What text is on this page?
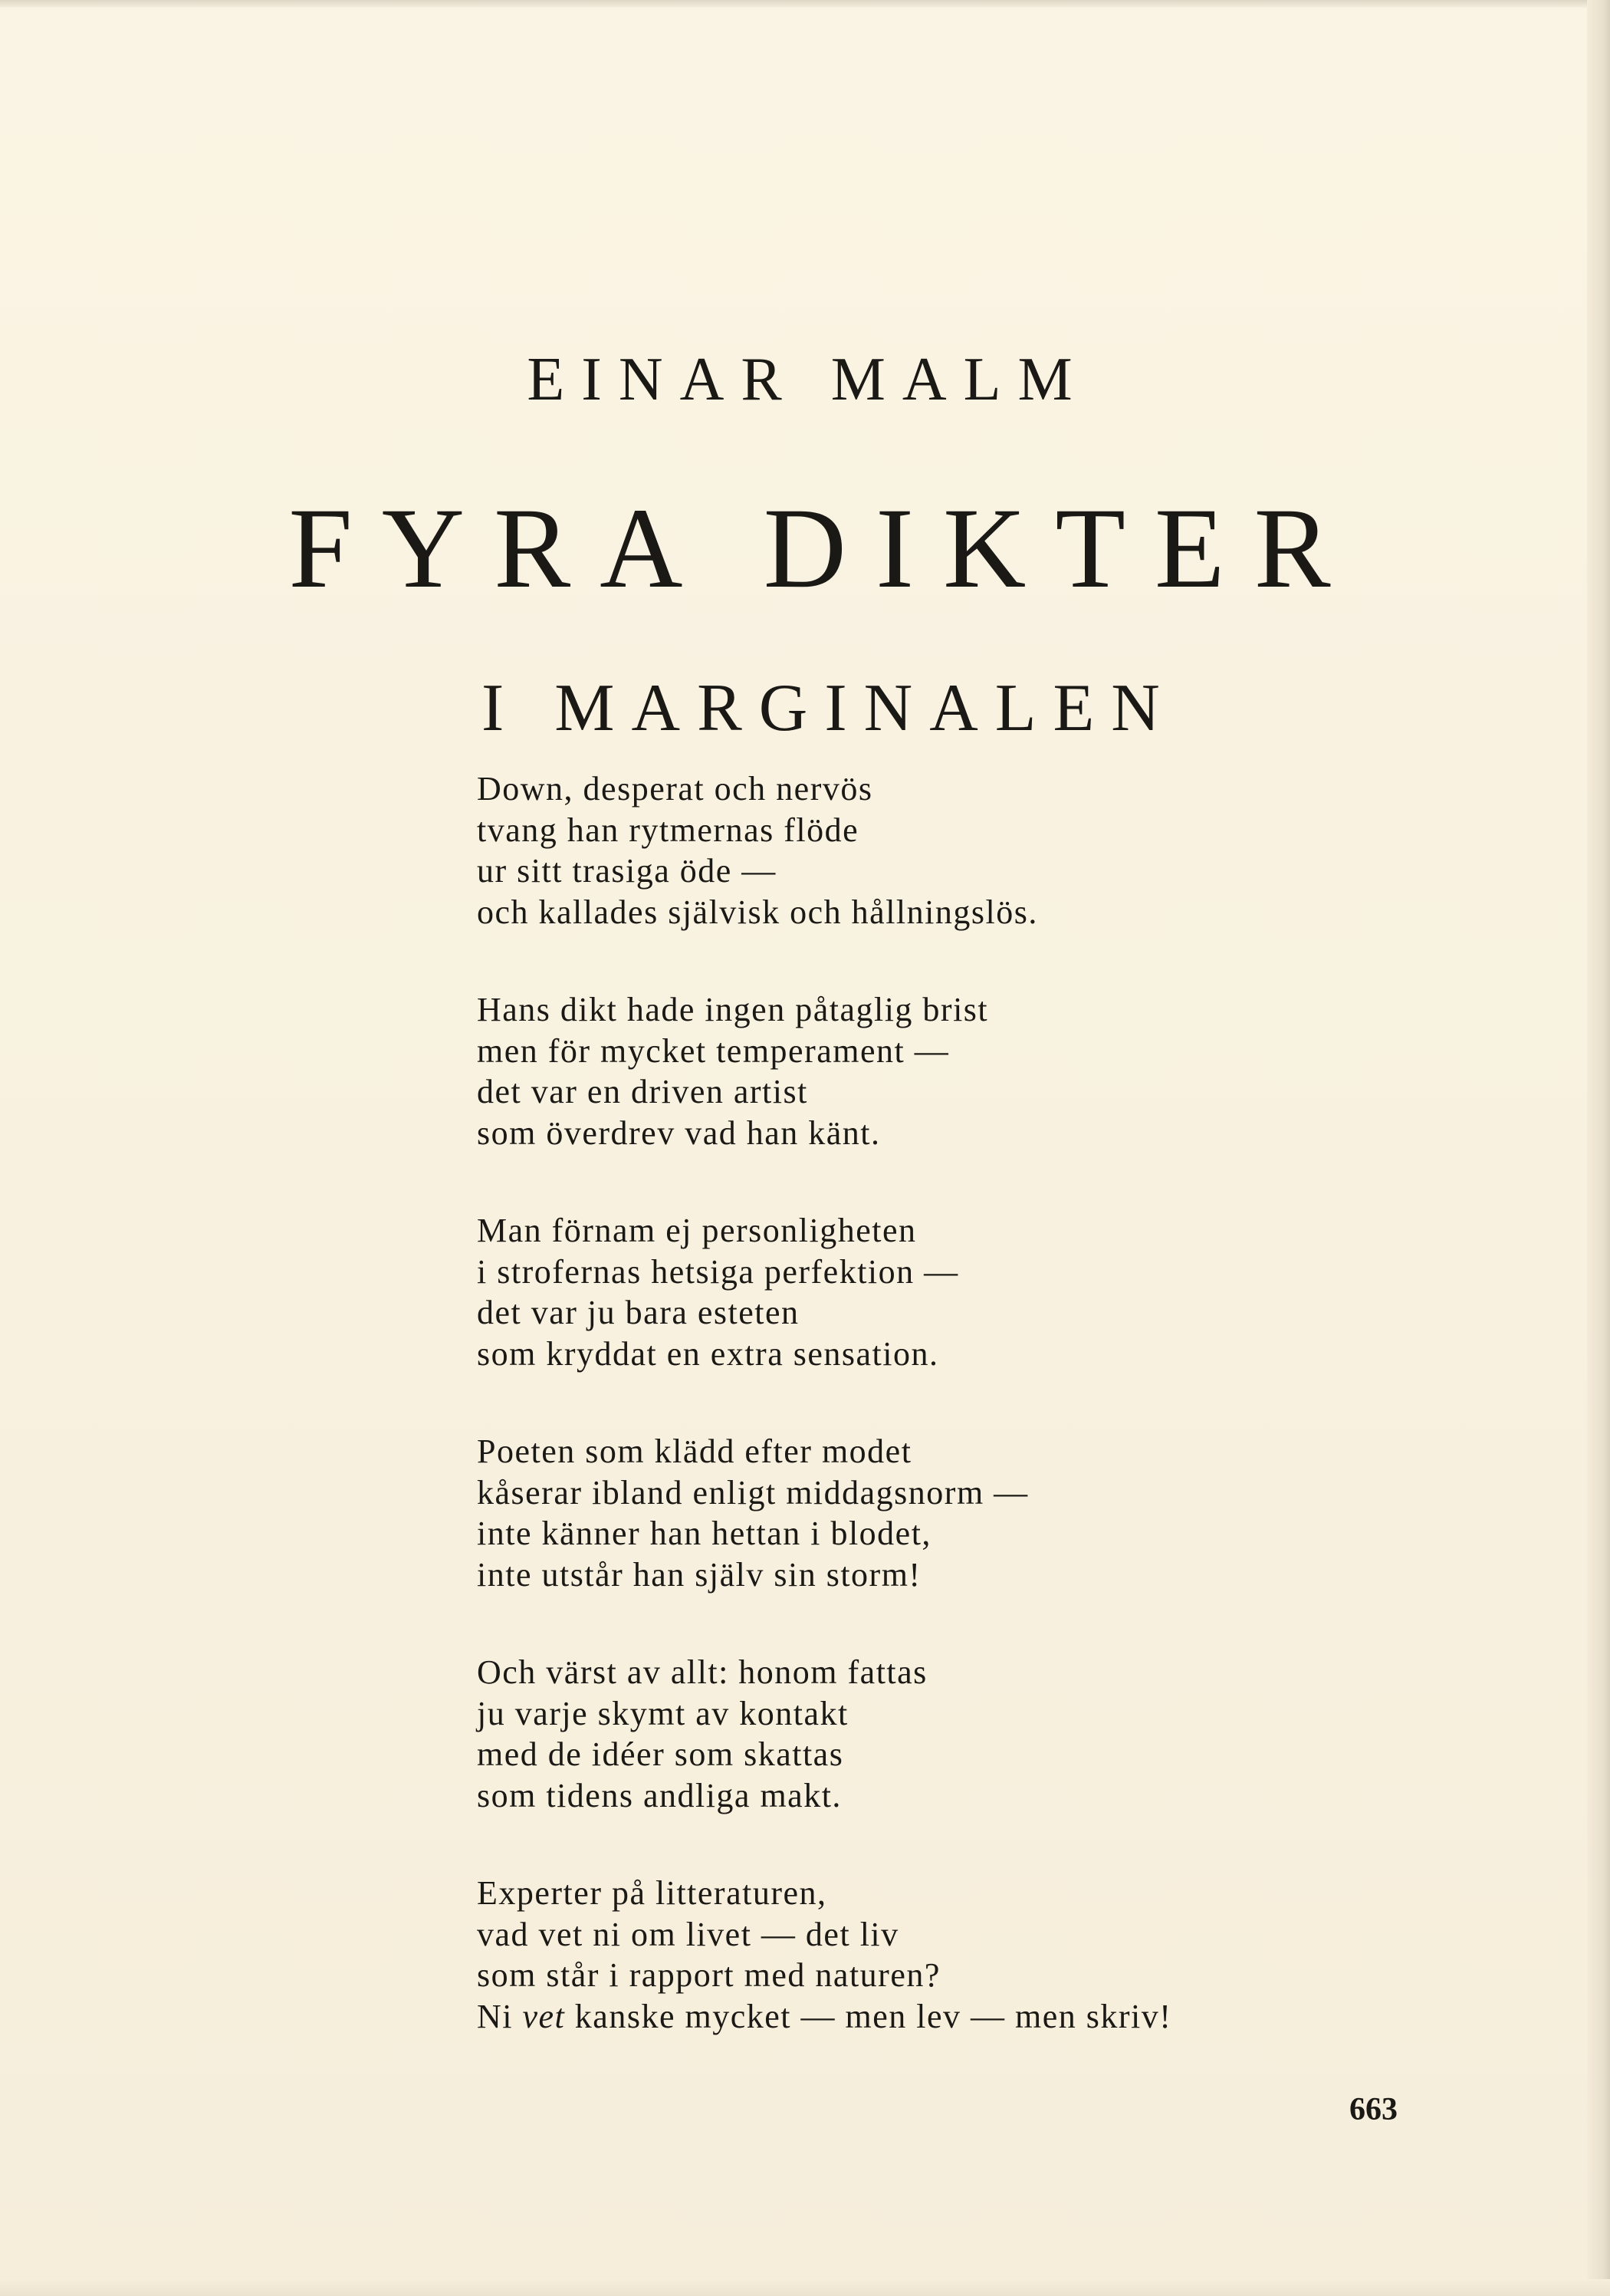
EINAR MALM
FYRA DIKTER
I MARGINALEN

Down, desperat och nervös
tvang han rytmernas flöde
ur sitt trasiga öde —
och kallades självisk och hållningslös.

Hans dikt hade ingen påtaglig brist
men för mycket temperament —
det var en driven artist
som överdrev vad han känt.

Man förnam ej personligheten
i strofernas hetsiga perfektion —
det var ju bara esteten
som kryddat en extra sensation.

Poeten som klädd efter modet
kåserar ibland enligt middagsnorm —
inte känner han hettan i blodet,
inte utstår han själv sin storm!

Och värst av allt: honom fattas
ju varje skymt av kontakt
med de idéer som skattas
som tidens andliga makt.

Experter på litteraturen,
vad vet ni om livet — det liv
som står i rapport med naturen?
Ni vet kanske mycket — men lev — men skriv!

663
